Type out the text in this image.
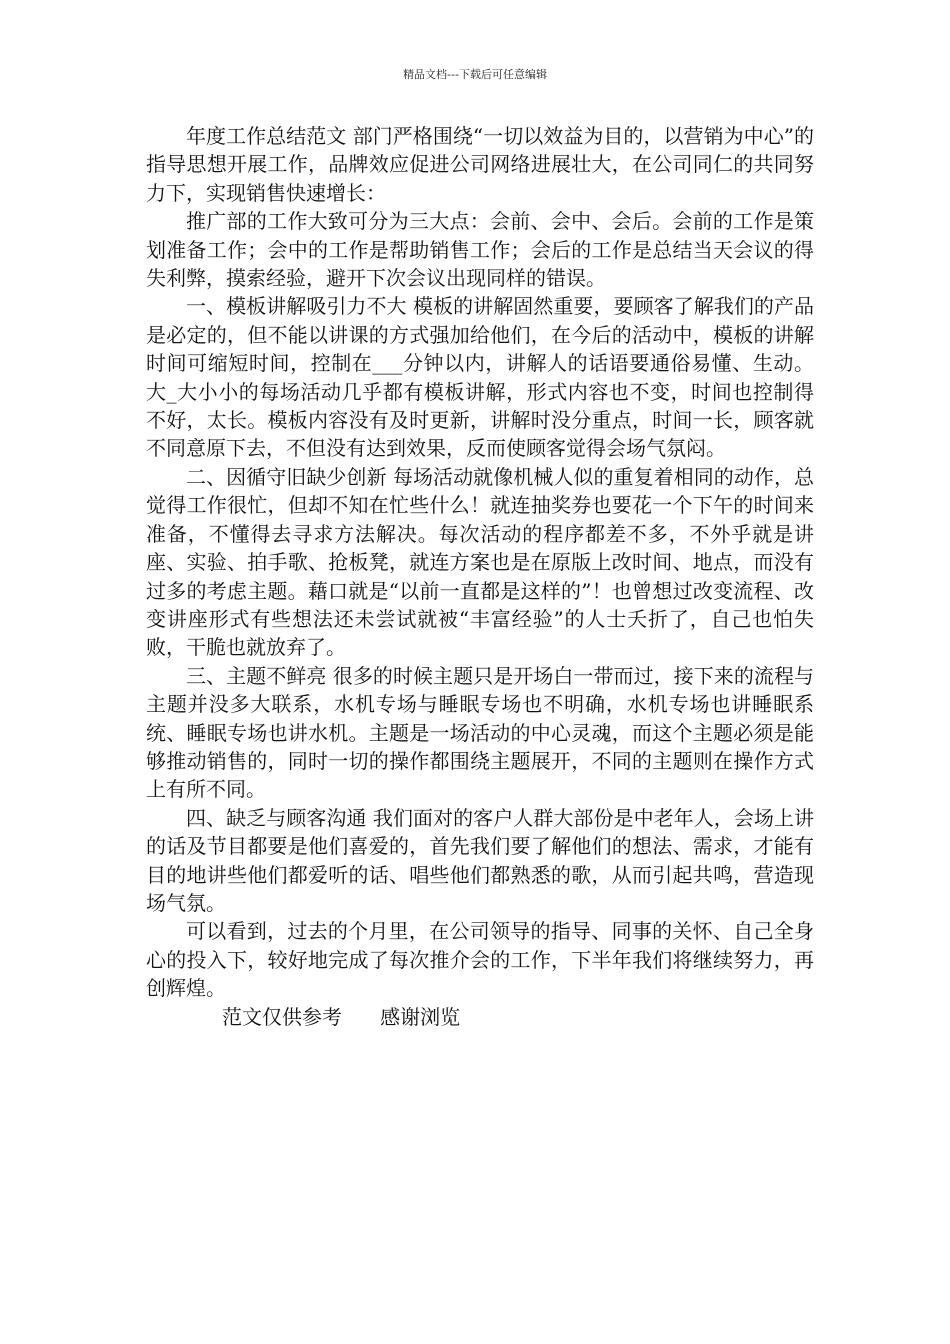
精品文档---下载后可任意编辑

年度工作总结范文 部门严格围绕“一切以效益为目的，以营销为中心”的指导思想开展工作，品牌效应促进公司网络进展壮大，在公司同仁的共同努力下，实现销售快速增长：

推广部的工作大致可分为三大点：会前、会中、会后。会前的工作是策划准备工作；会中的工作是帮助销售工作；会后的工作是总结当天会议的得失利弊，摸索经验，避开下次会议出现同样的错误。

一、模板讲解吸引力不大 模板的讲解固然重要，要顾客了解我们的产品是必定的，但不能以讲课的方式强加给他们，在今后的活动中，模板的讲解时间可缩短时间，控制在___分钟以内，讲解人的话语要通俗易懂、生动。大_大小小的每场活动几乎都有模板讲解，形式内容也不变，时间也控制得不好，太长。模板内容没有及时更新，讲解时没分重点，时间一长，顾客就不同意原下去，不但没有达到效果，反而使顾客觉得会场气氛闷。

二、因循守旧缺少创新 每场活动就像机械人似的重复着相同的动作，总觉得工作很忙，但却不知在忙些什么！就连抽奖券也要花一个下午的时间来准备，不懂得去寻求方法解决。每次活动的程序都差不多，不外乎就是讲座、实验、拍手歌、抢板凳，就连方案也是在原版上改时间、地点，而没有过多的考虑主题。藉口就是“以前一直都是这样的”！也曾想过改变流程、改变讲座形式有些想法还未尝试就被“丰富经验”的人士夭折了，自己也怕失败，干脆也就放弃了。

三、主题不鲜亮 很多的时候主题只是开场白一带而过，接下来的流程与主题并没多大联系，水机专场与睡眠专场也不明确，水机专场也讲睡眠系统、睡眠专场也讲水机。主题是一场活动的中心灵魂，而这个主题必须是能够推动销售的，同时一切的操作都围绕主题展开，不同的主题则在操作方式上有所不同。

四、缺乏与顾客沟通 我们面对的客户人群大部份是中老年人，会场上讲的话及节目都要是他们喜爱的，首先我们要了解他们的想法、需求，才能有目的地讲些他们都爱听的话、唱些他们都熟悉的歌，从而引起共鸣，营造现场气氛。

可以看到，过去的个月里，在公司领导的指导、同事的关怀、自己全身心的投入下，较好地完成了每次推介会的工作，下半年我们将继续努力，再创辉煌。

范文仅供参考      感谢浏览
